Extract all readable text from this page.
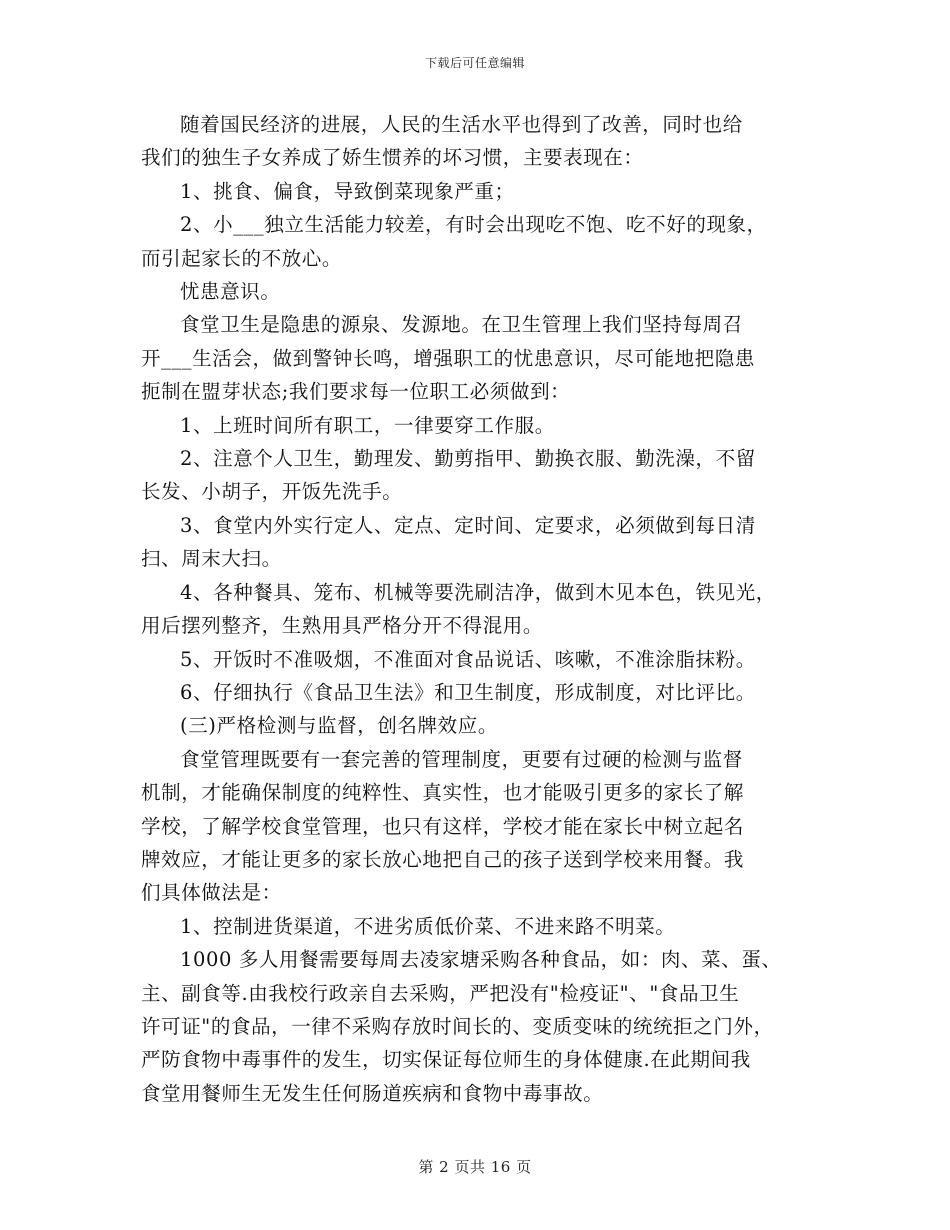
下载后可任意编辑
随着国民经济的进展，人民的生活水平也得到了改善，同时也给
我们的独生子女养成了娇生惯养的坏习惯，主要表现在：
1、挑食、偏食，导致倒菜现象严重；
2、小___独立生活能力较差，有时会出现吃不饱、吃不好的现象，
而引起家长的不放心。
忧患意识。
食堂卫生是隐患的源泉、发源地。在卫生管理上我们坚持每周召
开___生活会，做到警钟长鸣，增强职工的忧患意识，尽可能地把隐患
扼制在盟芽状态;我们要求每一位职工必须做到：
1、上班时间所有职工，一律要穿工作服。
2、注意个人卫生，勤理发、勤剪指甲、勤换衣服、勤洗澡，不留
长发、小胡子，开饭先洗手。
3、食堂内外实行定人、定点、定时间、定要求，必须做到每日清
扫、周末大扫。
4、各种餐具、笼布、机械等要洗刷洁净，做到木见本色，铁见光，
用后摆列整齐，生熟用具严格分开不得混用。
5、开饭时不准吸烟，不准面对食品说话、咳嗽，不准涂脂抹粉。
6、仔细执行《食品卫生法》和卫生制度，形成制度，对比评比。
(三)严格检测与监督，创名牌效应。
食堂管理既要有一套完善的管理制度，更要有过硬的检测与监督
机制，才能确保制度的纯粹性、真实性，也才能吸引更多的家长了解
学校，了解学校食堂管理，也只有这样，学校才能在家长中树立起名
牌效应，才能让更多的家长放心地把自己的孩子送到学校来用餐。我
们具体做法是：
1、控制进货渠道，不进劣质低价菜、不进来路不明菜。
1000 多人用餐需要每周去凌家塘采购各种食品，如：肉、菜、蛋、
主、副食等.由我校行政亲自去采购，严把没有"检疫证"、"食品卫生
许可证"的食品，一律不采购存放时间长的、变质变味的统统拒之门外，
严防食物中毒事件的发生，切实保证每位师生的身体健康.在此期间我
食堂用餐师生无发生任何肠道疾病和食物中毒事故。
第 2 页共 16 页
